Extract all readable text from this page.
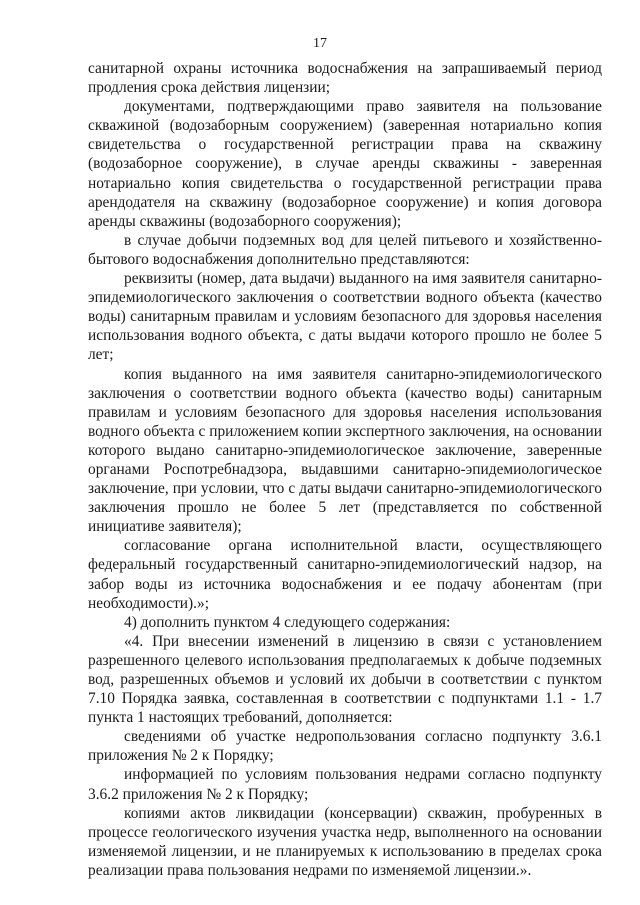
17

санитарной охраны источника водоснабжения на запрашиваемый период продления срока действия лицензии;

документами, подтверждающими право заявителя на пользование скважиной (водозаборным сооружением) (заверенная нотариально копия свидетельства о государственной регистрации права на скважину (водозаборное сооружение), в случае аренды скважины - заверенная нотариально копия свидетельства о государственной регистрации права арендодателя на скважину (водозаборное сооружение) и копия договора аренды скважины (водозаборного сооружения);

в случае добычи подземных вод для целей питьевого и хозяйственно-бытового водоснабжения дополнительно представляются:

реквизиты (номер, дата выдачи) выданного на имя заявителя санитарно-эпидемиологического заключения о соответствии водного объекта (качество воды) санитарным правилам и условиям безопасного для здоровья населения использования водного объекта, с даты выдачи которого прошло не более 5 лет;

копия выданного на имя заявителя санитарно-эпидемиологического заключения о соответствии водного объекта (качество воды) санитарным правилам и условиям безопасного для здоровья населения использования водного объекта с приложением копии экспертного заключения, на основании которого выдано санитарно-эпидемиологическое заключение, заверенные органами Роспотребнадзора, выдавшими санитарно-эпидемиологическое заключение, при условии, что с даты выдачи санитарно-эпидемиологического заключения прошло не более 5 лет (представляется по собственной инициативе заявителя);

согласование органа исполнительной власти, осуществляющего федеральный государственный санитарно-эпидемиологический надзор, на забор воды из источника водоснабжения и ее подачу абонентам (при необходимости).»;

4) дополнить пунктом 4 следующего содержания:

«4. При внесении изменений в лицензию в связи с установлением разрешенного целевого использования предполагаемых к добыче подземных вод, разрешенных объемов и условий их добычи в соответствии с пунктом 7.10 Порядка заявка, составленная в соответствии с подпунктами 1.1 - 1.7 пункта 1 настоящих требований, дополняется:

сведениями об участке недропользования согласно подпункту 3.6.1 приложения № 2 к Порядку;

информацией по условиям пользования недрами согласно подпункту 3.6.2 приложения № 2 к Порядку;

копиями актов ликвидации (консервации) скважин, пробуренных в процессе геологического изучения участка недр, выполненного на основании изменяемой лицензии, и не планируемых к использованию в пределах срока реализации права пользования недрами по изменяемой лицензии.».
